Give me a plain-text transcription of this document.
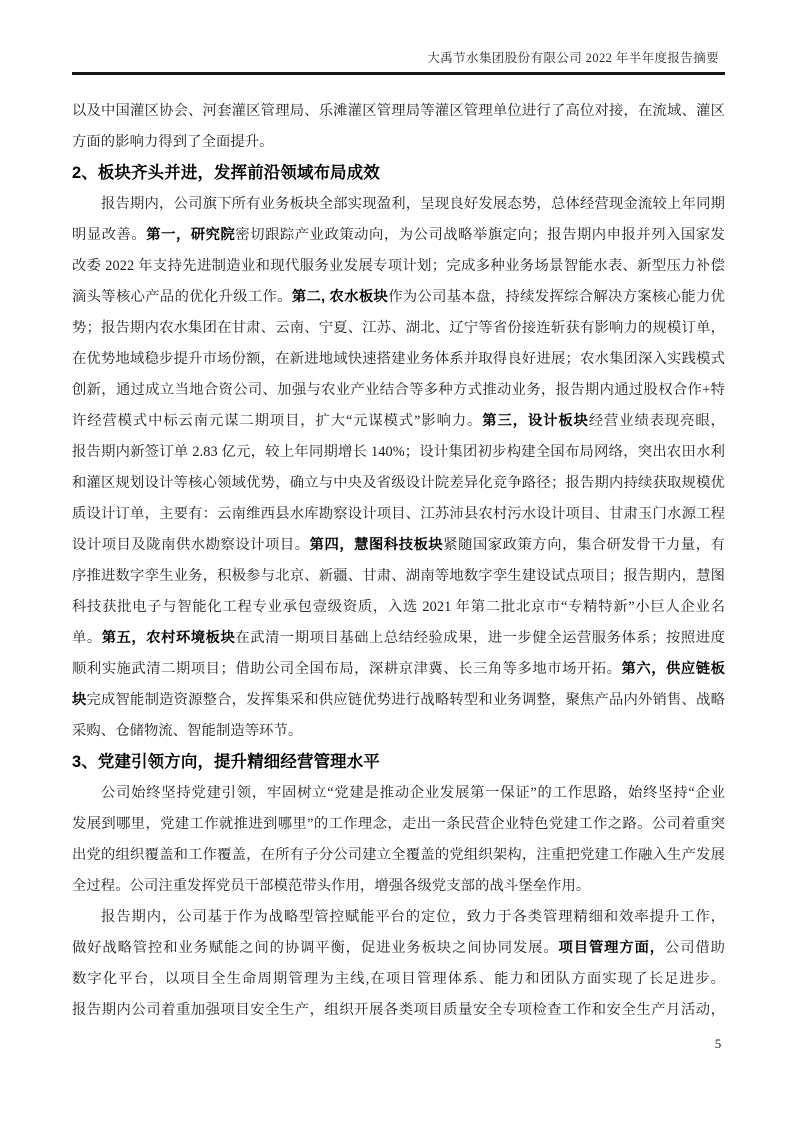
大禹节水集团股份有限公司 2022 年半年度报告摘要
以及中国灌区协会、河套灌区管理局、乐滩灌区管理局等灌区管理单位进行了高位对接，在流域、灌区
方面的影响力得到了全面提升。
2、板块齐头并进，发挥前沿领域布局成效
报告期内，公司旗下所有业务板块全部实现盈利，呈现良好发展态势，总体经营现金流较上年同期
明显改善。第一，研究院密切跟踪产业政策动向，为公司战略举旗定向；报告期内申报并列入国家发
改委 2022 年支持先进制造业和现代服务业发展专项计划；完成多种业务场景智能水表、新型压力补偿
滴头等核心产品的优化升级工作。第二, 农水板块作为公司基本盘，持续发挥综合解决方案核心能力优
势；报告期内农水集团在甘肃、云南、宁夏、江苏、湖北、辽宁等省份接连斩获有影响力的规模订单，
在优势地域稳步提升市场份额，在新进地域快速搭建业务体系并取得良好进展；农水集团深入实践模式
创新，通过成立当地合资公司、加强与农业产业结合等多种方式推动业务，报告期内通过股权合作+特
许经营模式中标云南元谋二期项目，扩大“元谋模式”影响力。第三，设计板块经营业绩表现亮眼，
报告期内新签订单 2.83 亿元，较上年同期增长 140%；设计集团初步构建全国布局网络，突出农田水利
和灌区规划设计等核心领域优势，确立与中央及省级设计院差异化竞争路径；报告期内持续获取规模优
质设计订单，主要有：云南维西县水库勘察设计项目、江苏沛县农村污水设计项目、甘肃玉门水源工程
设计项目及陇南供水勘察设计项目。第四，慧图科技板块紧随国家政策方向，集合研发骨干力量，有
序推进数字孪生业务，积极参与北京、新疆、甘肃、湖南等地数字孪生建设试点项目；报告期内，慧图
科技获批电子与智能化工程专业承包壹级资质，入选 2021 年第二批北京市“专精特新”小巨人企业名
单。第五，农村环境板块在武清一期项目基础上总结经验成果，进一步健全运营服务体系；按照进度
顺利实施武清二期项目；借助公司全国布局，深耕京津冀、长三角等多地市场开拓。第六，供应链板
块完成智能制造资源整合，发挥集采和供应链优势进行战略转型和业务调整，聚焦产品内外销售、战略
采购、仓储物流、智能制造等环节。
3、党建引领方向，提升精细经营管理水平
公司始终坚持党建引领，牢固树立“党建是推动企业发展第一保证”的工作思路，始终坚持“企业
发展到哪里，党建工作就推进到哪里”的工作理念，走出一条民营企业特色党建工作之路。公司着重突
出党的组织覆盖和工作覆盖，在所有子分公司建立全覆盖的党组织架构，注重把党建工作融入生产发展
全过程。公司注重发挥党员干部模范带头作用，增强各级党支部的战斗堡垒作用。
报告期内，公司基于作为战略型管控赋能平台的定位，致力于各类管理精细和效率提升工作，
做好战略管控和业务赋能之间的协调平衡，促进业务板块之间协同发展。项目管理方面，公司借助
数字化平台，以项目全生命周期管理为主线,在项目管理体系、能力和团队方面实现了长足进步。
报告期内公司着重加强项目安全生产，组织开展各类项目质量安全专项检查工作和安全生产月活动，
5
